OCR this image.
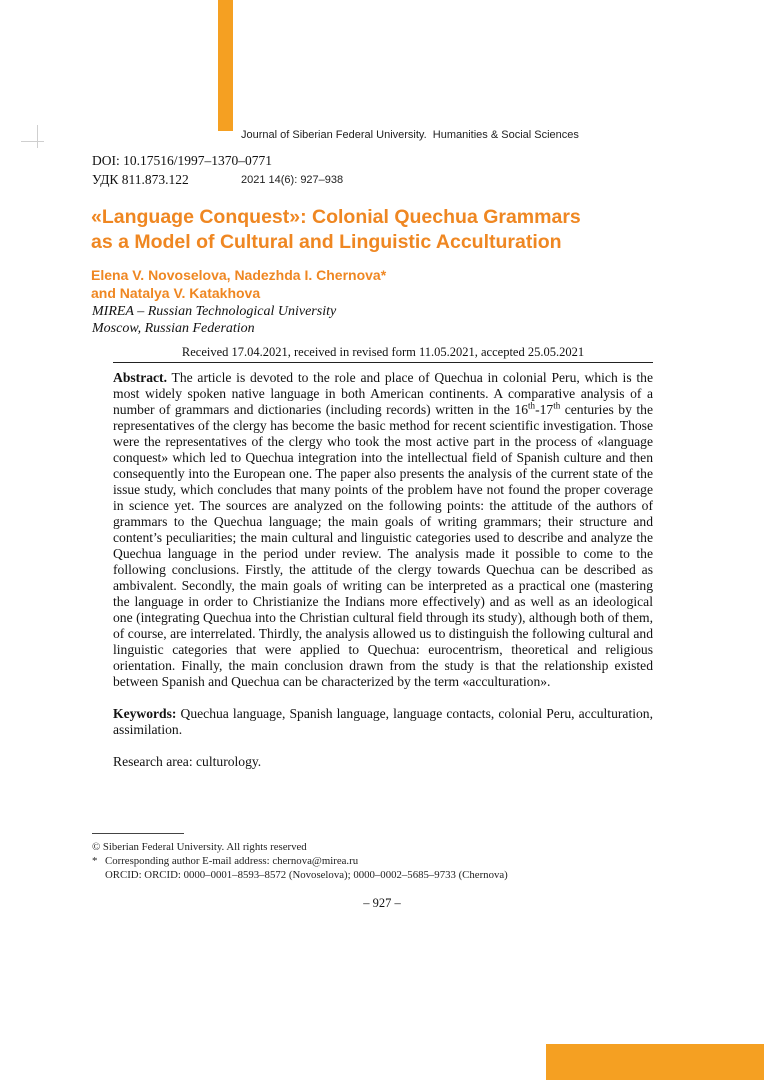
Journal of Siberian Federal University.  Humanities & Social Sciences

2021 14(6): 927–938

DOI: 10.17516/1997–1370–0771
УДК 811.873.122
«Language Conquest»: Colonial Quechua Grammars
as a Model of Cultural and Linguistic Acculturation
Elena V. Novoselova, Nadezhda I. Chernova*
and Natalya V. Katakhova
MIREA – Russian Technological University
Moscow, Russian Federation
Received 17.04.2021, received in revised form 11.05.2021, accepted 25.05.2021

Abstract. The article is devoted to the role and place of Quechua in colonial Peru, which is the most widely spoken native language in both American continents. A comparative analysis of a number of grammars and dictionaries (including records) written in the 16th-17th centuries by the representatives of the clergy has become the basic method for recent scientific investigation. Those were the representatives of the clergy who took the most active part in the process of «language conquest» which led to Quechua integration into the intellectual field of Spanish culture and then consequently into the European one. The paper also presents the analysis of the current state of the issue study, which concludes that many points of the problem have not found the proper coverage in science yet. The sources are analyzed on the following points: the attitude of the authors of grammars to the Quechua language; the main goals of writing grammars; their structure and content’s peculiarities; the main cultural and linguistic categories used to describe and analyze the Quechua language in the period under review. The analysis made it possible to come to the following conclusions. Firstly, the attitude of the clergy towards Quechua can be described as ambivalent. Secondly, the main goals of writing can be interpreted as a practical one (mastering the language in order to Christianize the Indians more effectively) and as well as an ideological one (integrating Quechua into the Christian cultural field through its study), although both of them, of course, are interrelated. Thirdly, the analysis allowed us to distinguish the following cultural and linguistic categories that were applied to Quechua: eurocentrism, theoretical and religious orientation. Finally, the main conclusion drawn from the study is that the relationship existed between Spanish and Quechua can be characterized by the term «acculturation».

Keywords: Quechua language, Spanish language, language contacts, colonial Peru, acculturation, assimilation.

Research area: culturology.

© Siberian Federal University. All rights reserved
* Corresponding author E-mail address: chernova@mirea.ru
ORCID: ORCID: 0000–0001–8593–8572 (Novoselova); 0000–0002–5685–9733 (Chernova)
– 927 –
